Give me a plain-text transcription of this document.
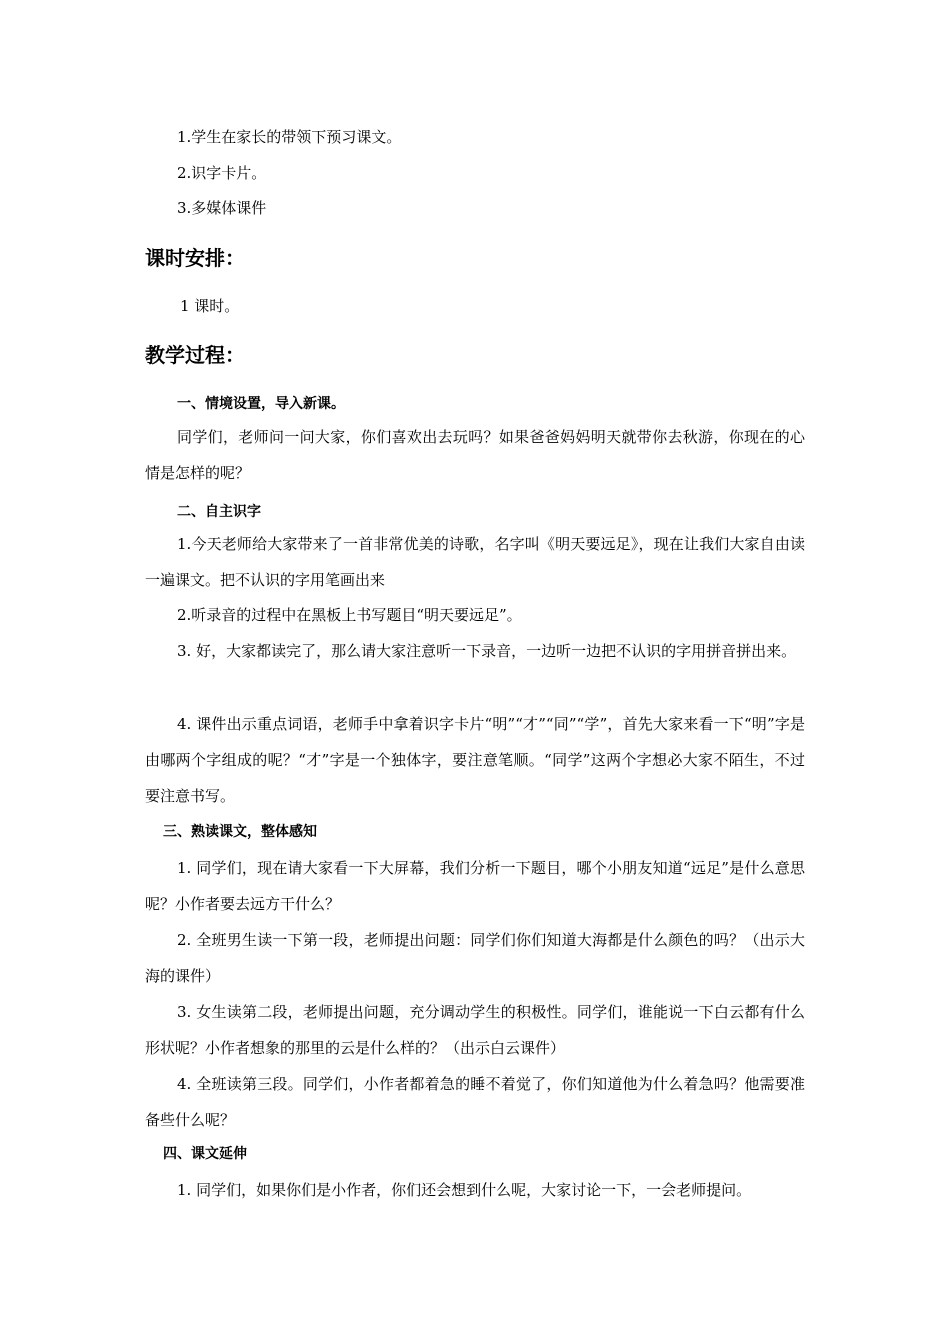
1.学生在家长的带领下预习课文。
2.识字卡片。
3.多媒体课件
课时安排：
1 课时。
教学过程：
一、情境设置，导入新课。
同学们，老师问一问大家，你们喜欢出去玩吗？如果爸爸妈妈明天就带你去秋游，你现在的心情是怎样的呢？
二、自主识字
1.今天老师给大家带来了一首非常优美的诗歌，名字叫《明天要远足》，现在让我们大家自由读一遍课文。把不认识的字用笔画出来
2.听录音的过程中在黑板上书写题目“明天要远足”。
3. 好，大家都读完了，那么请大家注意听一下录音，一边听一边把不认识的字用拼音拼出来。
4. 课件出示重点词语，老师手中拿着识字卡片“明”“才”“同”“学”，首先大家来看一下“明”字是由哪两个字组成的呢？“才”字是一个独体字，要注意笔顺。“同学”这两个字想必大家不陌生，不过要注意书写。
三、熟读课文，整体感知
1. 同学们，现在请大家看一下大屏幕，我们分析一下题目，哪个小朋友知道“远足”是什么意思呢？小作者要去远方干什么？
2. 全班男生读一下第一段，老师提出问题：同学们你们知道大海都是什么颜色的吗？（出示大海的课件）
3. 女生读第二段，老师提出问题，充分调动学生的积极性。同学们，谁能说一下白云都有什么形状呢？小作者想象的那里的云是什么样的？（出示白云课件）
4. 全班读第三段。同学们，小作者都着急的睡不着觉了，你们知道他为什么着急吗？他需要准备些什么呢？
四、课文延伸
1. 同学们，如果你们是小作者，你们还会想到什么呢，大家讨论一下，一会老师提问。
